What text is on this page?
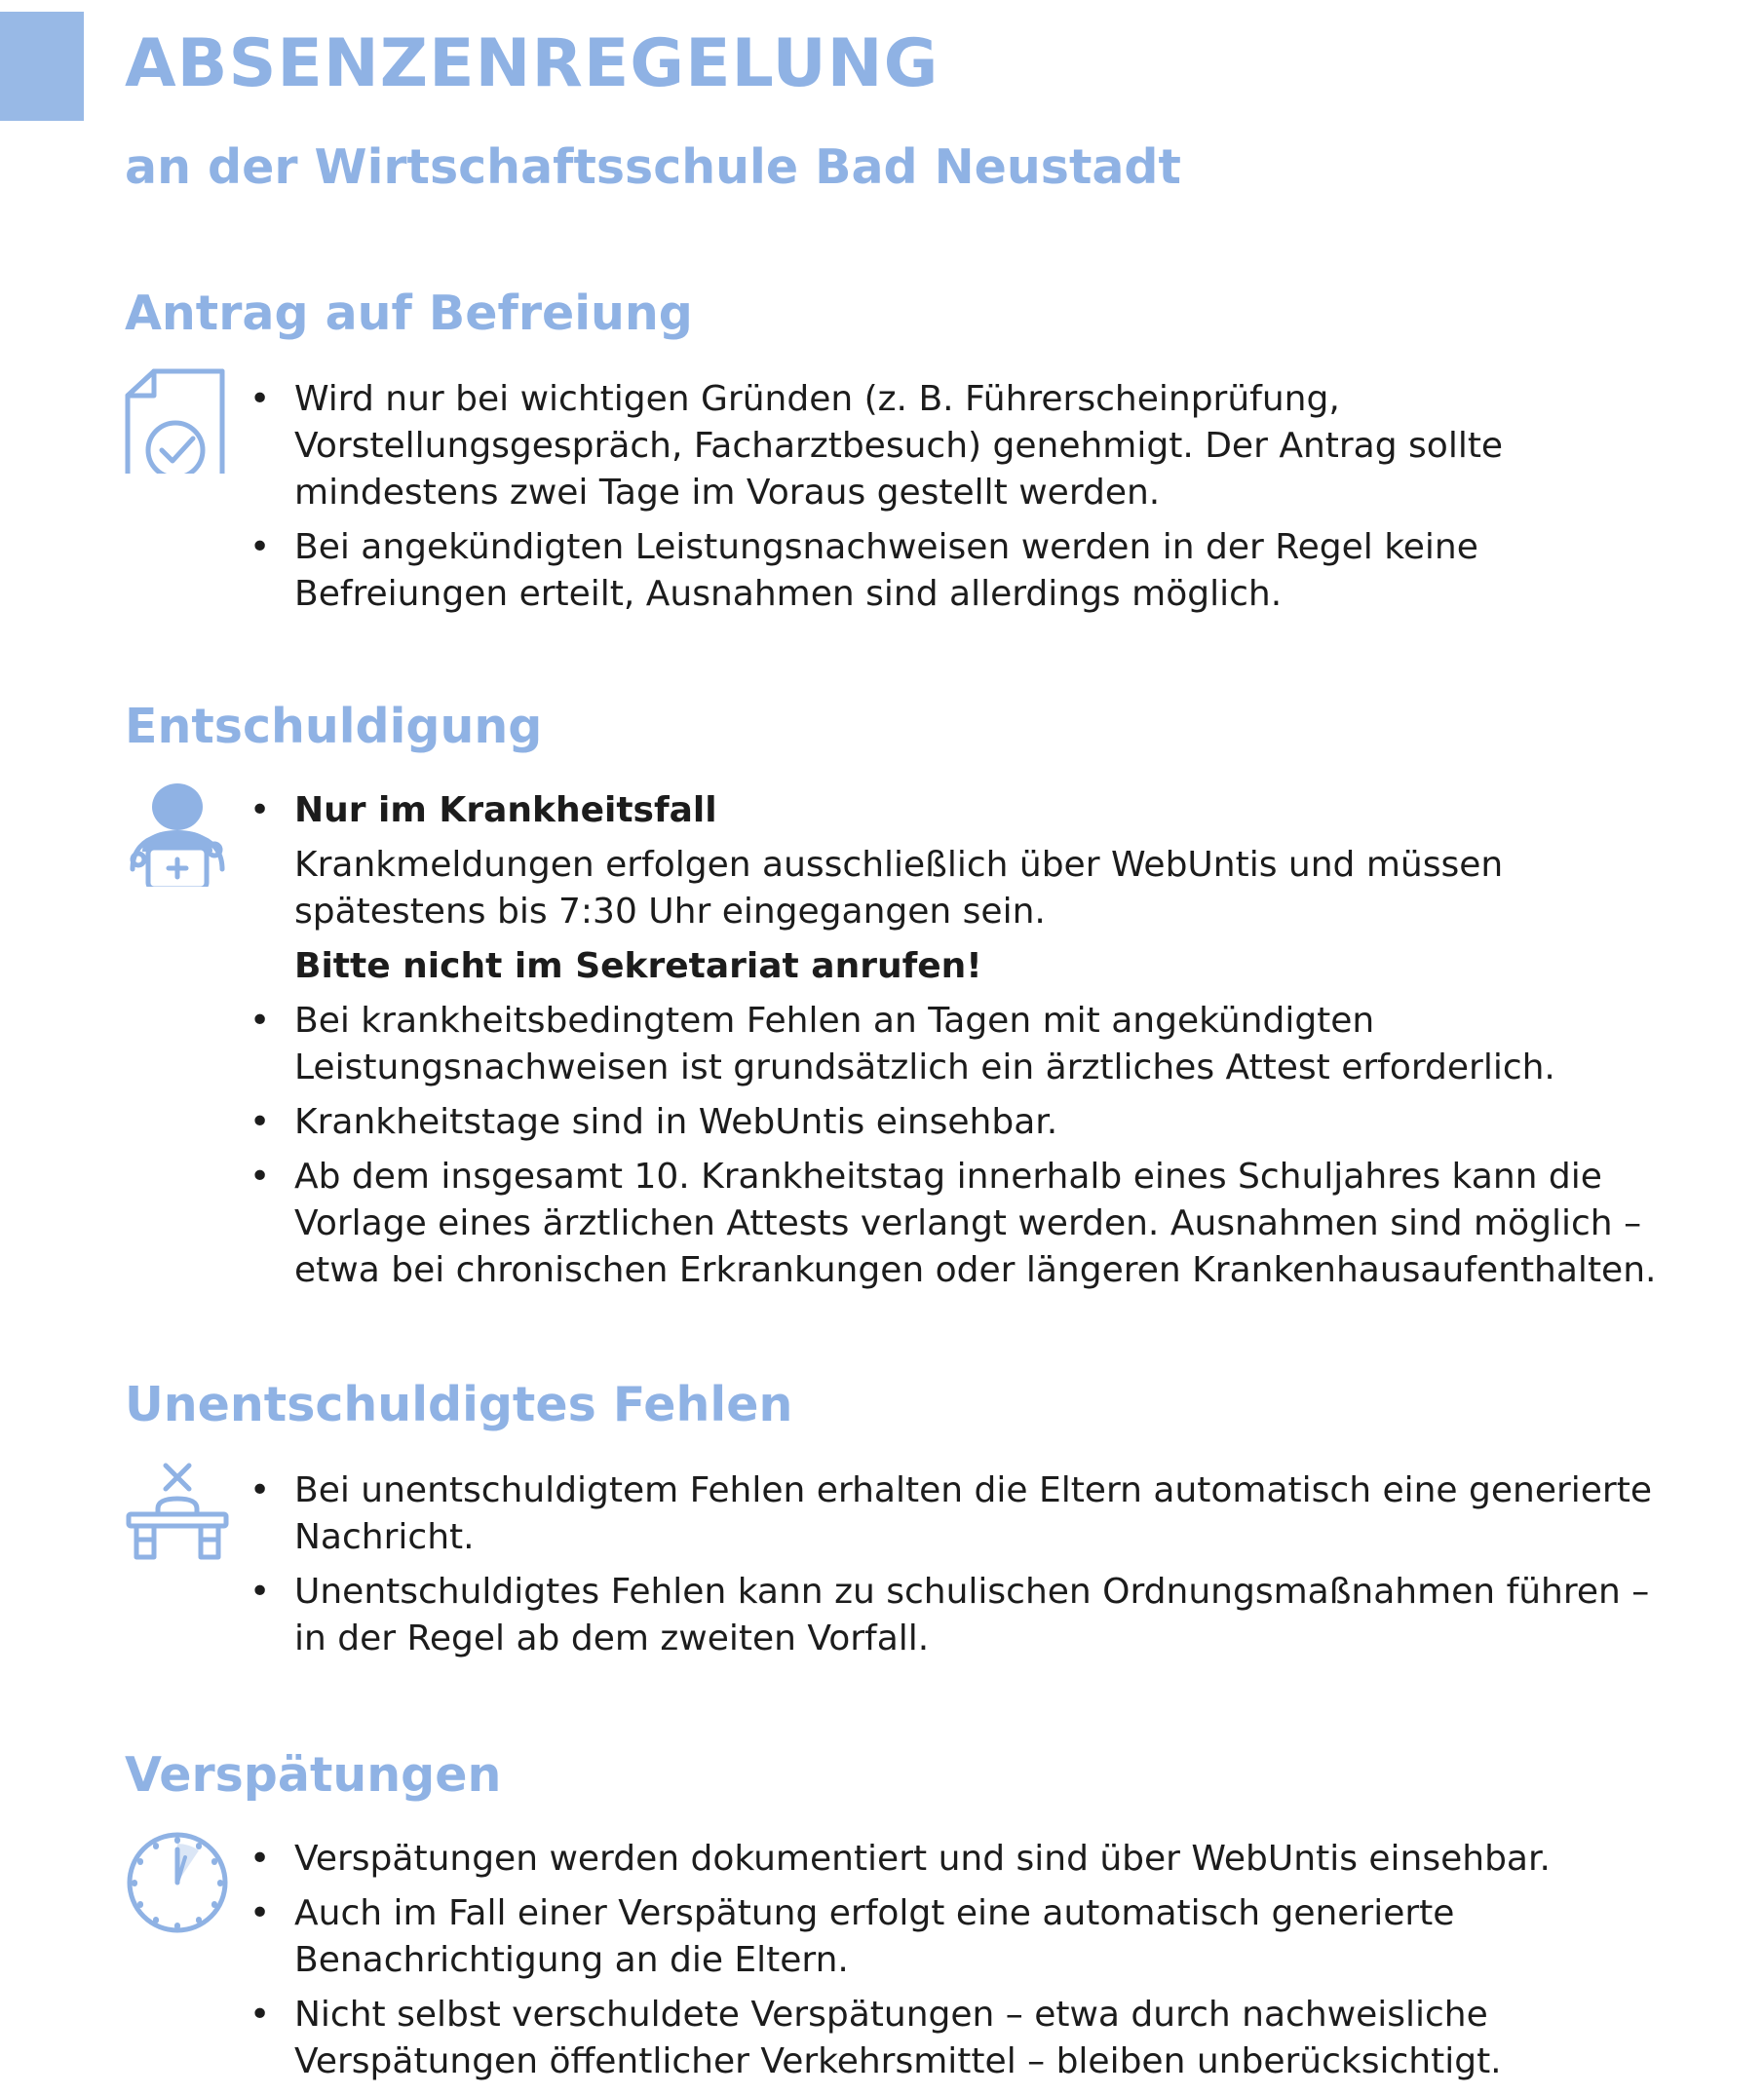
ABSENZENREGELUNG
an der Wirtschaftsschule Bad Neustadt
Antrag auf Befreiung
• Wird nur bei wichtigen Gründen (z. B. Führerscheinprüfung, Vorstellungsgespräch, Facharztbesuch) genehmigt. Der Antrag sollte mindestens zwei Tage im Voraus gestellt werden.
• Bei angekündigten Leistungsnachweisen werden in der Regel keine Befreiungen erteilt, Ausnahmen sind allerdings möglich.
Entschuldigung
• Nur im Krankheitsfall
Krankmeldungen erfolgen ausschließlich über WebUntis und müssen spätestens bis 7:30 Uhr eingegangen sein.
Bitte nicht im Sekretariat anrufen!
• Bei krankheitsbedingtem Fehlen an Tagen mit angekündigten Leistungsnachweisen ist grundsätzlich ein ärztliches Attest erforderlich.
• Krankheitstage sind in WebUntis einsehbar.
• Ab dem insgesamt 10. Krankheitstag innerhalb eines Schuljahres kann die Vorlage eines ärztlichen Attests verlangt werden. Ausnahmen sind möglich – etwa bei chronischen Erkrankungen oder längeren Krankenhausaufenthalten.
Unentschuldigtes Fehlen
• Bei unentschuldigtem Fehlen erhalten die Eltern automatisch eine generierte Nachricht.
• Unentschuldigtes Fehlen kann zu schulischen Ordnungsmaßnahmen führen – in der Regel ab dem zweiten Vorfall.
Verspätungen
• Verspätungen werden dokumentiert und sind über WebUntis einsehbar.
• Auch im Fall einer Verspätung erfolgt eine automatisch generierte Benachrichtigung an die Eltern.
• Nicht selbst verschuldete Verspätungen – etwa durch nachweisliche Verspätungen öffentlicher Verkehrsmittel – bleiben unberücksichtigt.
